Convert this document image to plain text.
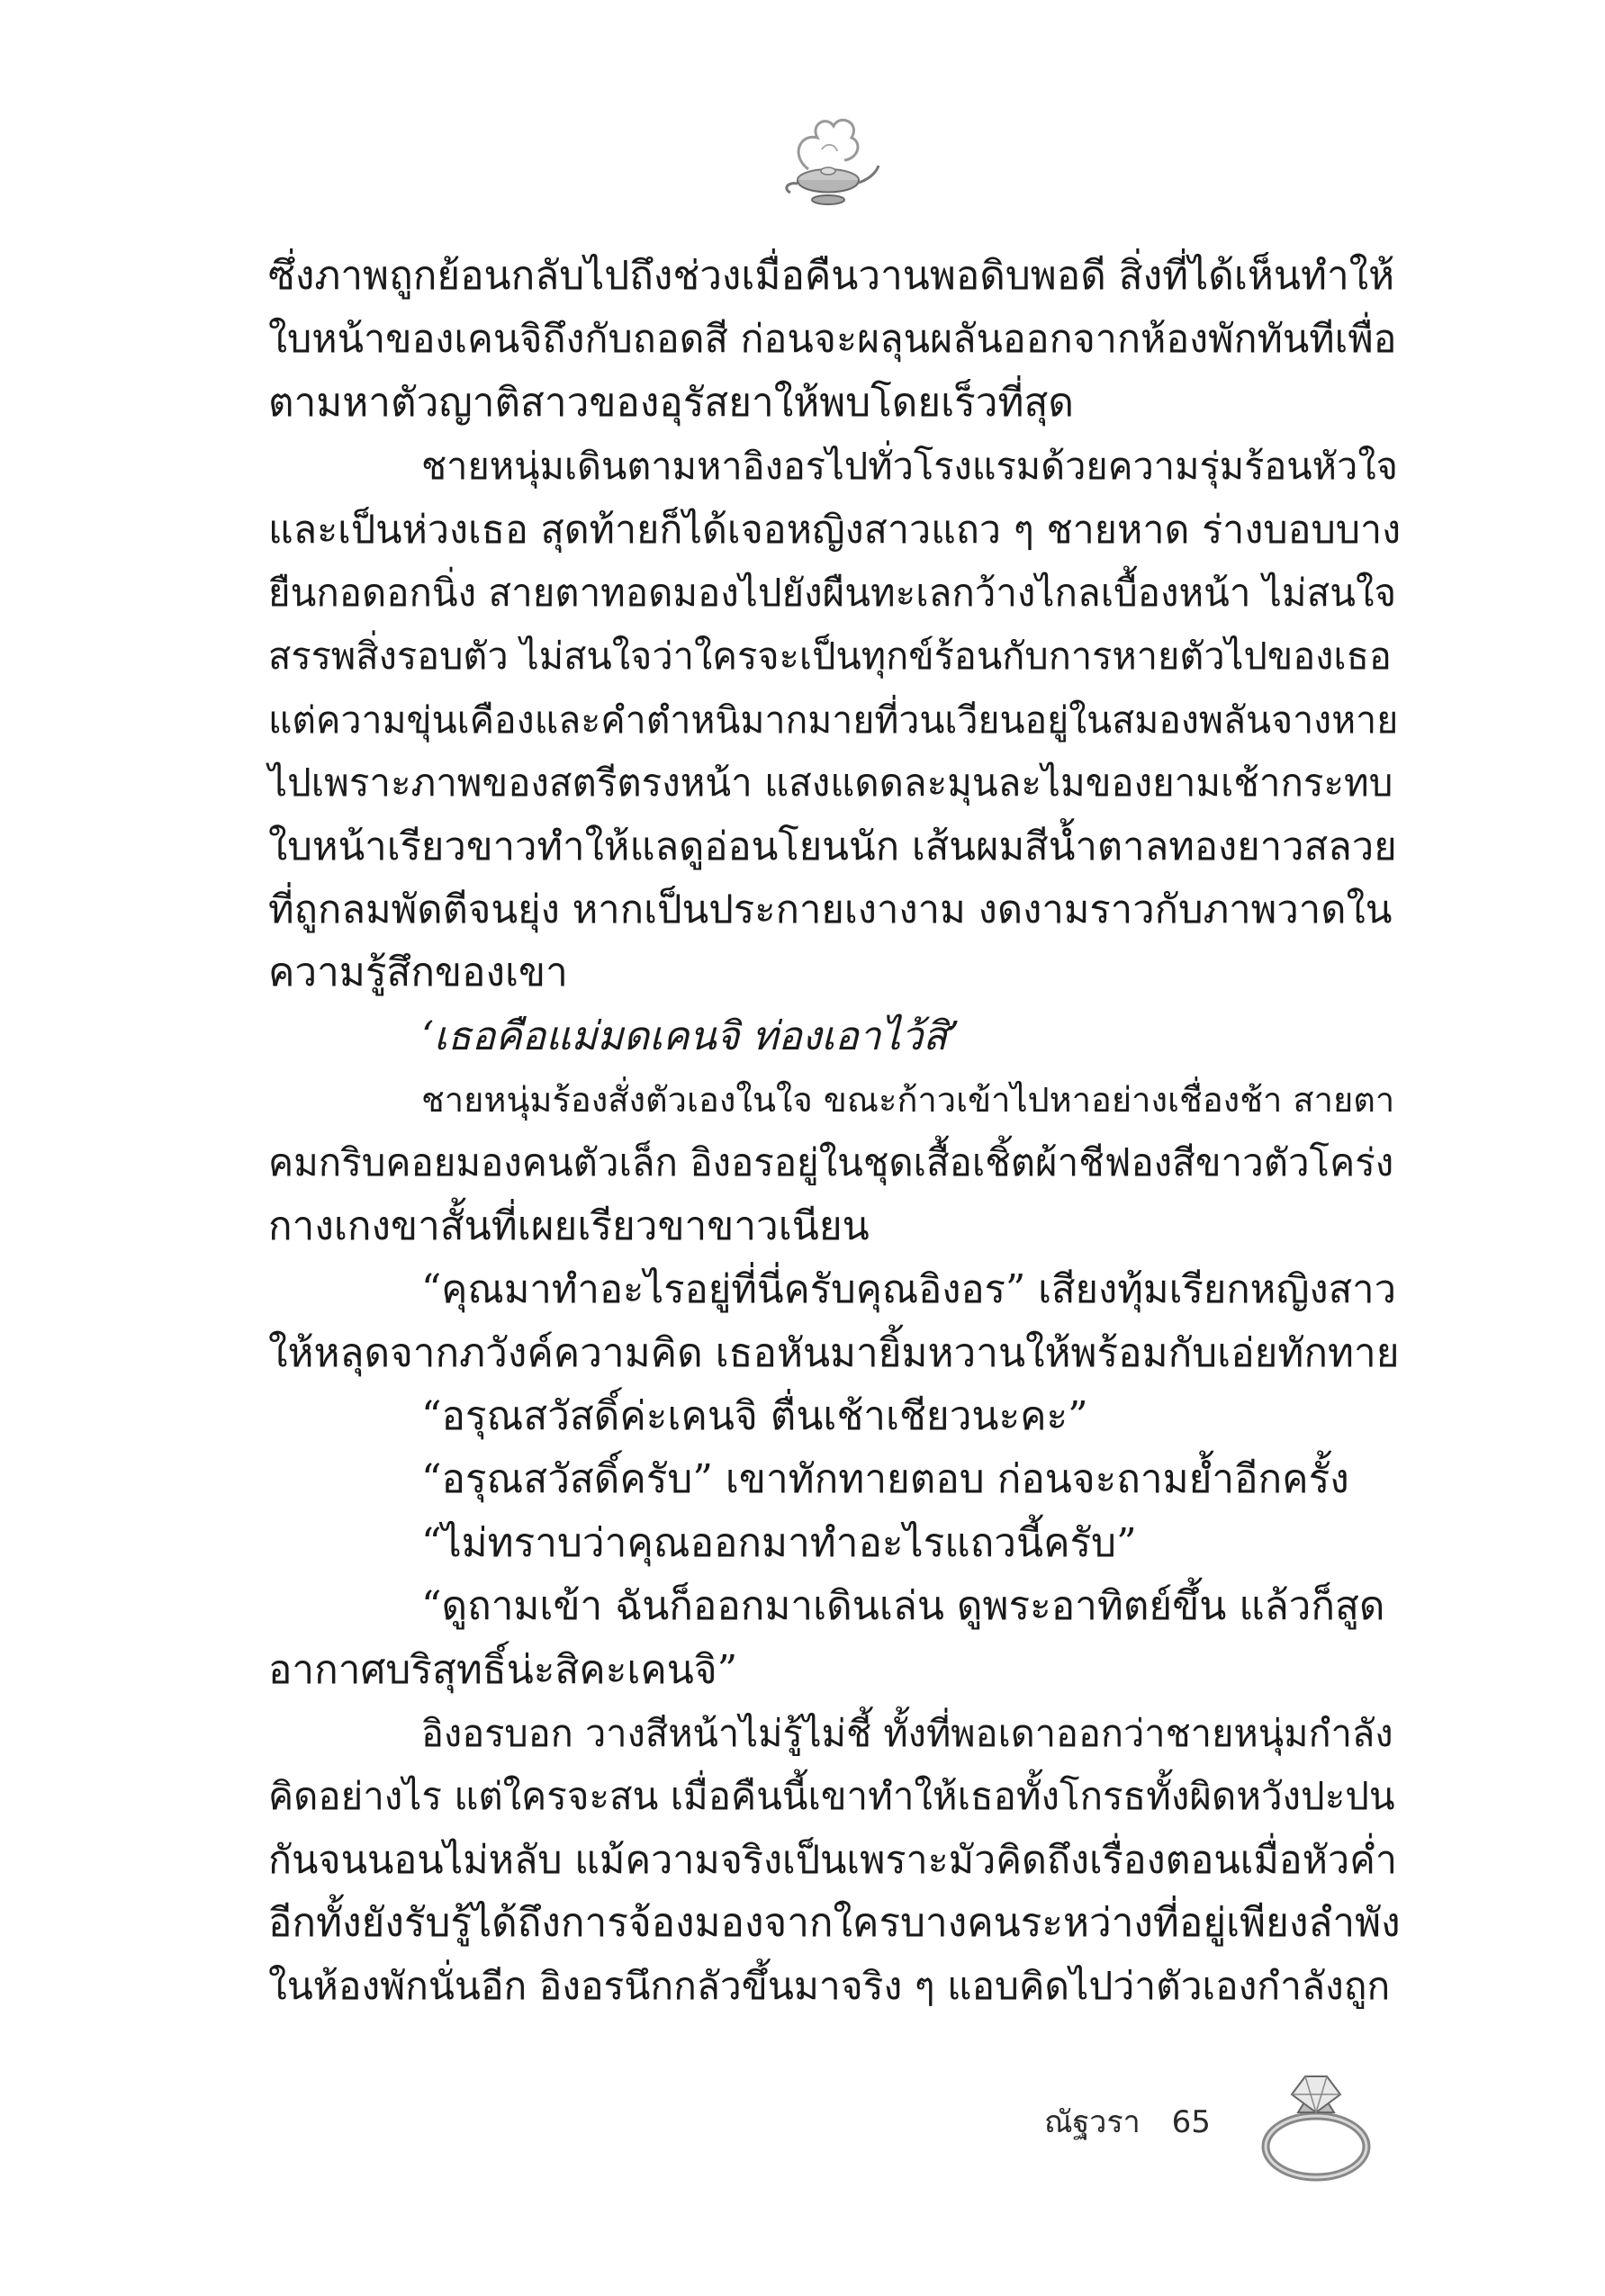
ซึ่งภาพถูกย้อนกลับไปถึงช่วงเมื่อคืนวานพอดิบพอดี สิ่งที่ได้เห็นทำให้
ใบหน้าของเคนจิถึงกับถอดสี ก่อนจะผลุนผลันออกจากห้องพักทันทีเพื่อ
ตามหาตัวญาติสาวของอุรัสยาให้พบโดยเร็วที่สุด
ชายหนุ่มเดินตามหาอิงอรไปทั่วโรงแรมด้วยความรุ่มร้อนหัวใจ
และเป็นห่วงเธอ สุดท้ายก็ได้เจอหญิงสาวแถว ๆ ชายหาด ร่างบอบบาง
ยืนกอดอกนิ่ง สายตาทอดมองไปยังผืนทะเลกว้างไกลเบื้องหน้า ไม่สนใจ
สรรพสิ่งรอบตัว ไม่สนใจว่าใครจะเป็นทุกข์ร้อนกับการหายตัวไปของเธอ
แต่ความขุ่นเคืองและคำตำหนิมากมายที่วนเวียนอยู่ในสมองพลันจางหาย
ไปเพราะภาพของสตรีตรงหน้า แสงแดดละมุนละไมของยามเช้ากระทบ
ใบหน้าเรียวขาวทำให้แลดูอ่อนโยนนัก เส้นผมสีน้ำตาลทองยาวสลวย
ที่ถูกลมพัดตีจนยุ่ง หากเป็นประกายเงางาม งดงามราวกับภาพวาดใน
ความรู้สึกของเขา
‘เธอคือแม่มดเคนจิ ท่องเอาไว้สิ’
ชายหนุ่มร้องสั่งตัวเองในใจ ขณะก้าวเข้าไปหาอย่างเชื่องช้า สายตา
คมกริบคอยมองคนตัวเล็ก อิงอรอยู่ในชุดเสื้อเชิ้ตผ้าชีฟองสีขาวตัวโคร่ง
กางเกงขาสั้นที่เผยเรียวขาขาวเนียน
“คุณมาทำอะไรอยู่ที่นี่ครับคุณอิงอร” เสียงทุ้มเรียกหญิงสาว
ให้หลุดจากภวังค์ความคิด เธอหันมายิ้มหวานให้พร้อมกับเอ่ยทักทาย
“อรุณสวัสดิ์ค่ะเคนจิ ตื่นเช้าเชียวนะคะ”
“อรุณสวัสดิ์ครับ” เขาทักทายตอบ ก่อนจะถามย้ำอีกครั้ง
“ไม่ทราบว่าคุณออกมาทำอะไรแถวนี้ครับ”
“ดูถามเข้า ฉันก็ออกมาเดินเล่น ดูพระอาทิตย์ขึ้น แล้วก็สูด
อากาศบริสุทธิ์น่ะสิคะเคนจิ”
อิงอรบอก วางสีหน้าไม่รู้ไม่ชี้ ทั้งที่พอเดาออกว่าชายหนุ่มกำลัง
คิดอย่างไร แต่ใครจะสน เมื่อคืนนี้เขาทำให้เธอทั้งโกรธทั้งผิดหวังปะปน
กันจนนอนไม่หลับ แม้ความจริงเป็นเพราะมัวคิดถึงเรื่องตอนเมื่อหัวค่ำ
อีกทั้งยังรับรู้ได้ถึงการจ้องมองจากใครบางคนระหว่างที่อยู่เพียงลำพัง
ในห้องพักนั่นอีก อิงอรนึกกลัวขึ้นมาจริง ๆ แอบคิดไปว่าตัวเองกำลังถูก
ณัฐวรา 65
